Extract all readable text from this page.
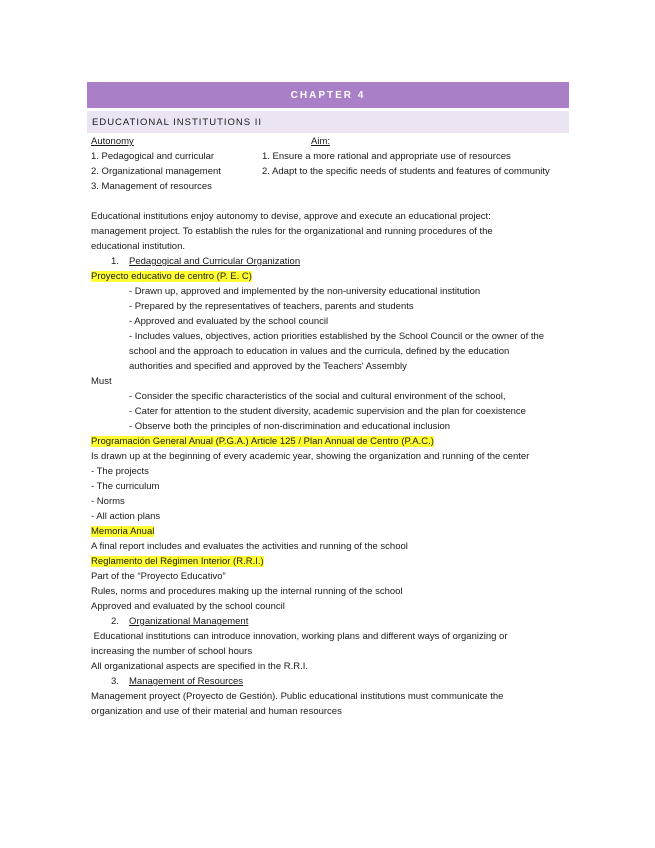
CHAPTER 4
EDUCATIONAL INSTITUTIONS II
Autonomy	Aim:
1. Pedagogical and curricular
2. Organizational management
3. Management of resources
1. Ensure a more rational and appropriate use of resources
2. Adapt to the specific needs of students and features of community
Educational institutions enjoy autonomy to devise, approve and execute an educational project:
management project. To establish the rules for the organizational and running procedures of the
educational institution.
1. Pedagogical and Curricular Organization
Proyecto educativo de centro (P. E. C)
- Drawn up, approved and implemented by the non-university educational institution
- Prepared by the representatives of teachers, parents and students
- Approved and evaluated by the school council
- Includes values, objectives, action priorities established by the School Council or the owner of the
school and the approach to education in values and the curricula, defined by the education
authorities and specified and approved by the Teachers' Assembly
Must
- Consider the specific characteristics of the social and cultural environment of the school,
- Cater for attention to the student diversity, academic supervision and the plan for coexistence
- Observe both the principles of non-discrimination and educational inclusion
Programación General Anual (P.G.A.) Article 125 / Plan Annual de Centro (P.A.C.)
Is drawn up at the beginning of every academic year, showing the organization and running of the center
- The projects
- The curriculum
- Norms
- All action plans
Memoria Anual
A final report includes and evaluates the activities and running of the school
Reglamento del Régimen Interior (R.R.I.)
Part of the “Proyecto Educativo”
Rules, norms and procedures making up the internal running of the school
Approved and evaluated by the school council
2. Organizational Management
Educational institutions can introduce innovation, working plans and different ways of organizing or
increasing the number of school hours
All organizational aspects are specified in the R.R.I.
3. Management of Resources
Management proyect (Proyecto de Gestión). Public educational institutions must communicate the
organization and use of their material and human resources
